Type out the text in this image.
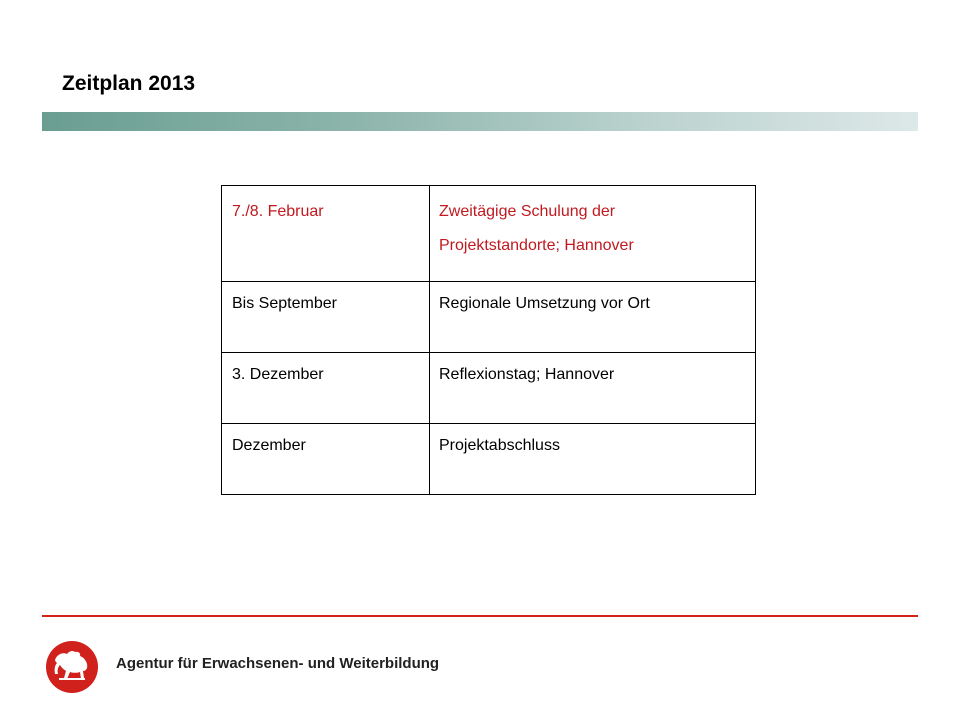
Zeitplan 2013
7./8. Februar	Zweitägige Schulung der
Projektstandorte; Hannover
Bis September	Regionale Umsetzung vor Ort
3. Dezember	Reflexionstag; Hannover
Dezember	Projektabschluss
Agentur für Erwachsenen- und Weiterbildung
